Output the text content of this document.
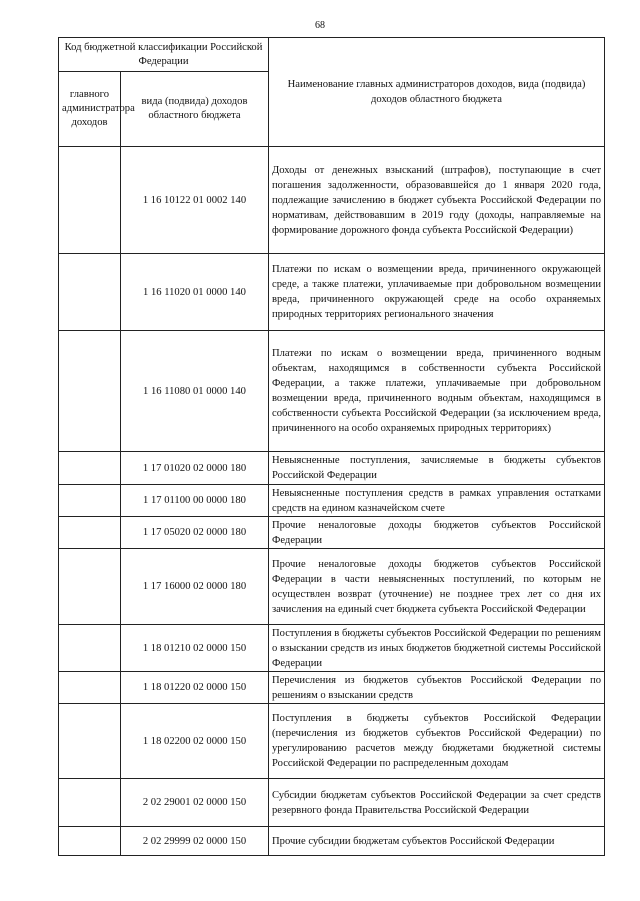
68
Код бюджетной классификации Российской Федерации		Наименование главных администраторов доходов, вида (подвида) доходов областного бюджета
главного администратора доходов	вида (подвида) доходов областного бюджета	
	1 16 10122 01 0002 140	Доходы от денежных взысканий (штрафов), поступающие в счет погашения задолженности, образовавшейся до 1 января 2020 года, подлежащие зачислению в бюджет субъекта Российской Федерации по нормативам, действовавшим в 2019 году (доходы, направляемые на формирование дорожного фонда субъекта Российской Федерации)
	1 16 11020 01 0000 140	Платежи по искам о возмещении вреда, причиненного окружающей среде, а также платежи, уплачиваемые при добровольном возмещении вреда, причиненного окружающей среде на особо охраняемых природных территориях регионального значения
	1 16 11080 01 0000 140	Платежи по искам о возмещении вреда, причиненного водным объектам, находящимся в собственности субъекта Российской Федерации, а также платежи, уплачиваемые при добровольном возмещении вреда, причиненного водным объектам, находящимся в собственности субъекта Российской Федерации (за исключением вреда, причиненного на особо охраняемых природных территориях)
	1 17 01020 02 0000 180	Невыясненные поступления, зачисляемые в бюджеты субъектов Российской Федерации
	1 17 01100 00 0000 180	Невыясненные поступления средств в рамках управления остатками средств на едином казначейском счете
	1 17 05020 02 0000 180	Прочие неналоговые доходы бюджетов субъектов Российской Федерации
	1 17 16000 02 0000 180	Прочие неналоговые доходы бюджетов субъектов Российской Федерации в части невыясненных поступлений, по которым не осуществлен возврат (уточнение) не позднее трех лет со дня их зачисления на единый счет бюджета субъекта Российской Федерации
	1 18 01210 02 0000 150	Поступления в бюджеты субъектов Российской Федерации по решениям о взыскании средств из иных бюджетов бюджетной системы Российской Федерации
	1 18 01220 02 0000 150	Перечисления из бюджетов субъектов Российской Федерации по решениям о взыскании средств
	1 18 02200 02 0000 150	Поступления в бюджеты субъектов Российской Федерации (перечисления из бюджетов субъектов Российской Федерации) по урегулированию расчетов между бюджетами бюджетной системы Российской Федерации по распределенным доходам
	2 02 29001 02 0000 150	Субсидии бюджетам субъектов Российской Федерации за счет средств резервного фонда Правительства Российской Федерации
	2 02 29999 02 0000 150	Прочие субсидии бюджетам субъектов Российской Федерации
